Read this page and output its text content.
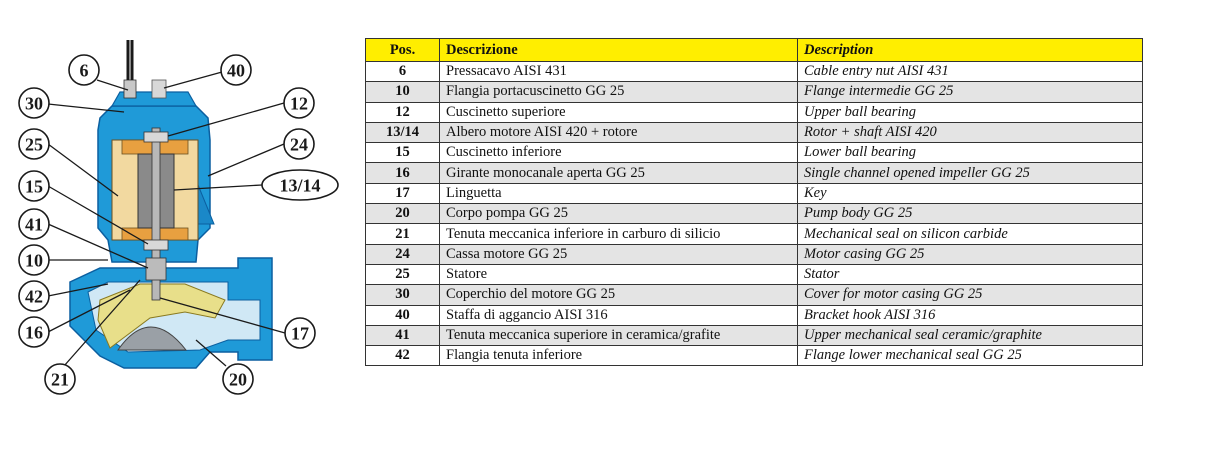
6	40
30	12
25	24
15	13/14
41
10
42
16	17
21	20
Pos.	Descrizione	Description
6	Pressacavo AISI 431	Cable entry nut AISI 431
10	Flangia portacuscinetto GG 25	Flange intermedie GG 25
12	Cuscinetto superiore	Upper ball bearing
13/14	Albero motore AISI 420 + rotore	Rotor + shaft AISI 420
15	Cuscinetto inferiore	Lower ball bearing
16	Girante monocanale aperta GG 25	Single channel opened impeller GG 25
17	Linguetta	Key
20	Corpo pompa GG 25	Pump body GG 25
21	Tenuta meccanica inferiore in carburo di silicio	Mechanical seal on silicon carbide
24	Cassa motore GG 25	Motor casing GG 25
25	Statore	Stator
30	Coperchio del motore GG 25	Cover for motor casing GG 25
40	Staffa di aggancio AISI 316	Bracket hook AISI 316
41	Tenuta meccanica superiore in ceramica/grafite	Upper mechanical seal ceramic/graphite
42	Flangia tenuta inferiore	Flange lower mechanical seal GG 25
